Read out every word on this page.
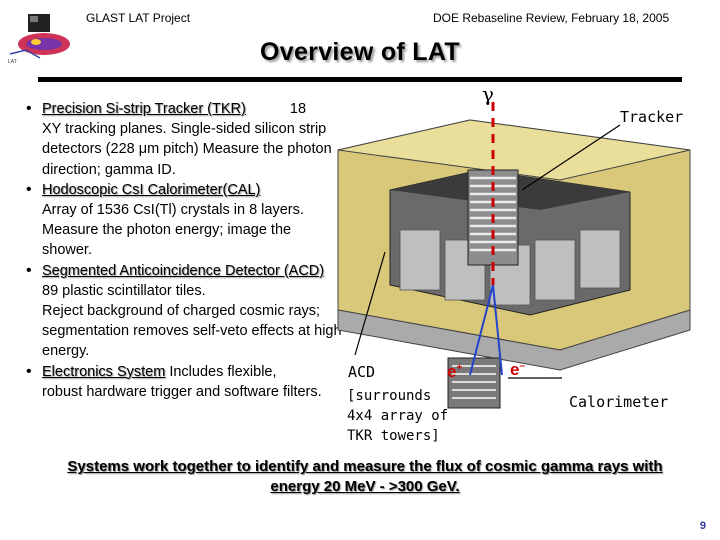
LAT
GLAST LAT Project	DOE Rebaseline Review, February 18, 2005
Overview of LAT
• Precision Si-strip Tracker (TKR)	18
XY tracking planes. Single-sided silicon strip detectors (228 μm pitch) Measure the photon direction; gamma ID.
• Hodoscopic CsI Calorimeter(CAL)
Array of 1536 CsI(Tl) crystals in 8 layers. Measure the photon energy; image the shower.
• Segmented Anticoincidence Detector (ACD) 89 plastic scintillator tiles.
Reject background of charged cosmic rays; segmentation removes self-veto effects at high energy.
• Electronics System Includes flexible,
robust hardware trigger and software filters.
γ
Tracker
ACD
[surrounds
4x4 array of
TKR towers]
e+	e–
Calorimeter
Systems work together to identify and measure the flux of cosmic gamma rays with energy 20 MeV - >300 GeV.
9
